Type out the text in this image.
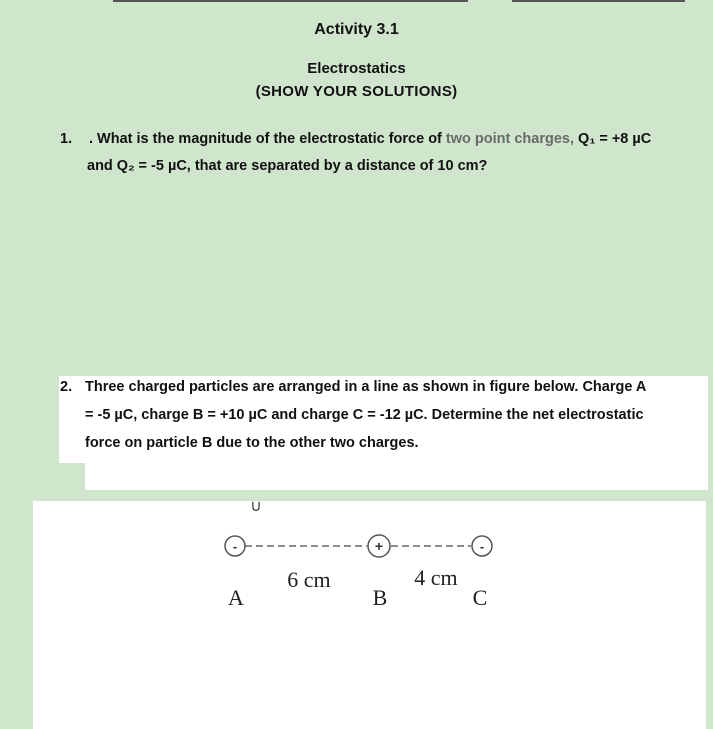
Activity 3.1
Electrostatics
(SHOW YOUR SOLUTIONS)
1. . What is the magnitude of the electrostatic force of two point charges, Q₁ = +8 µC
and Q₂ = -5 µC, that are separated by a distance of 10 cm?
2. Three charged particles are arranged in a line as shown in figure below. Charge A
= -5 µC, charge B = +10 µC and charge C = -12 µC. Determine the net electrostatic
force on particle B due to the other two charges.
∪
-
A
+
B
-
C
6 cm	4 cm
